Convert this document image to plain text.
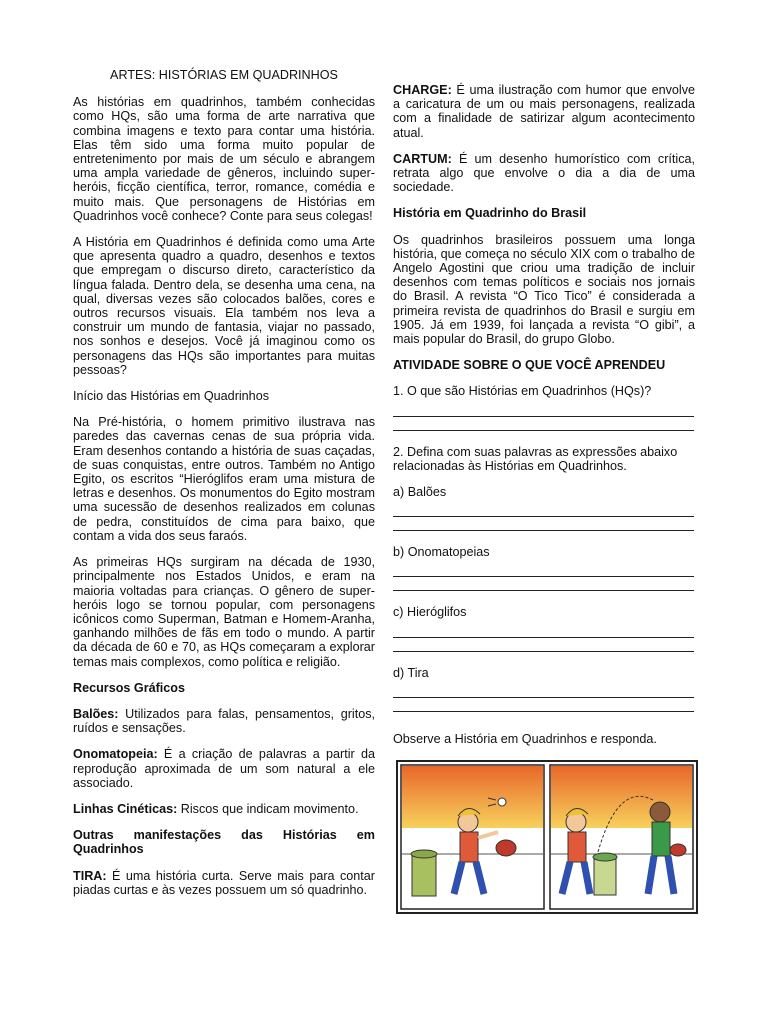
ARTES: HISTÓRIAS EM QUADRINHOS

As histórias em quadrinhos, também conhecidas como HQs, são uma forma de arte narrativa que combina imagens e texto para contar uma história. Elas têm sido uma forma muito popular de entretenimento por mais de um século e abrangem uma ampla variedade de gêneros, incluindo super-heróis, ficção científica, terror, romance, comédia e muito mais. Que personagens de Histórias em Quadrinhos você conhece? Conte para seus colegas!

A História em Quadrinhos é definida como uma Arte que apresenta quadro a quadro, desenhos e textos que empregam o discurso direto, característico da língua falada. Dentro dela, se desenha uma cena, na qual, diversas vezes são colocados balões, cores e outros recursos visuais. Ela também nos leva a construir um mundo de fantasia, viajar no passado, nos sonhos e desejos. Você já imaginou como os personagens das HQs são importantes para muitas pessoas?

Início das Histórias em Quadrinhos

Na Pré-história, o homem primitivo ilustrava nas paredes das cavernas cenas de sua própria vida. Eram desenhos contando a história de suas caçadas, de suas conquistas, entre outros. Também no Antigo Egito, os escritos “Hieróglifos eram uma mistura de letras e desenhos. Os monumentos do Egito mostram uma sucessão de desenhos realizados em colunas de pedra, constituídos de cima para baixo, que contam a vida dos seus faraós.

As primeiras HQs surgiram na década de 1930, principalmente nos Estados Unidos, e eram na maioria voltadas para crianças. O gênero de super-heróis logo se tornou popular, com personagens icônicos como Superman, Batman e Homem-Aranha, ganhando milhões de fãs em todo o mundo. A partir da década de 60 e 70, as HQs começaram a explorar temas mais complexos, como política e religião.

Recursos Gráficos

Balões: Utilizados para falas, pensamentos, gritos, ruídos e sensações.

Onomatopeia: É a criação de palavras a partir da reprodução aproximada de um som natural a ele associado.

Linhas Cinéticas: Riscos que indicam movimento.

Outras manifestações das Histórias em Quadrinhos

TIRA: É uma história curta. Serve mais para contar piadas curtas e às vezes possuem um só quadrinho.

CHARGE: É uma ilustração com humor que envolve a caricatura de um ou mais personagens, realizada com a finalidade de satirizar algum acontecimento atual.

CARTUM: É um desenho humorístico com crítica, retrata algo que envolve o dia a dia de uma sociedade.

História em Quadrinho do Brasil

Os quadrinhos brasileiros possuem uma longa história, que começa no século XIX com o trabalho de Angelo Agostini que criou uma tradição de incluir desenhos com temas políticos e sociais nos jornais do Brasil. A revista “O Tico Tico” é considerada a primeira revista de quadrinhos do Brasil e surgiu em 1905. Já em 1939, foi lançada a revista “O gibi”, a mais popular do Brasil, do grupo Globo.

ATIVIDADE SOBRE O QUE VOCÊ APRENDEU

1. O que são Histórias em Quadrinhos (HQs)?

2. Defina com suas palavras as expressões abaixo relacionadas às Histórias em Quadrinhos.

a) Balões

b) Onomatopeias

c) Hieróglifos

d) Tira

Observe a História em Quadrinhos e responda.
